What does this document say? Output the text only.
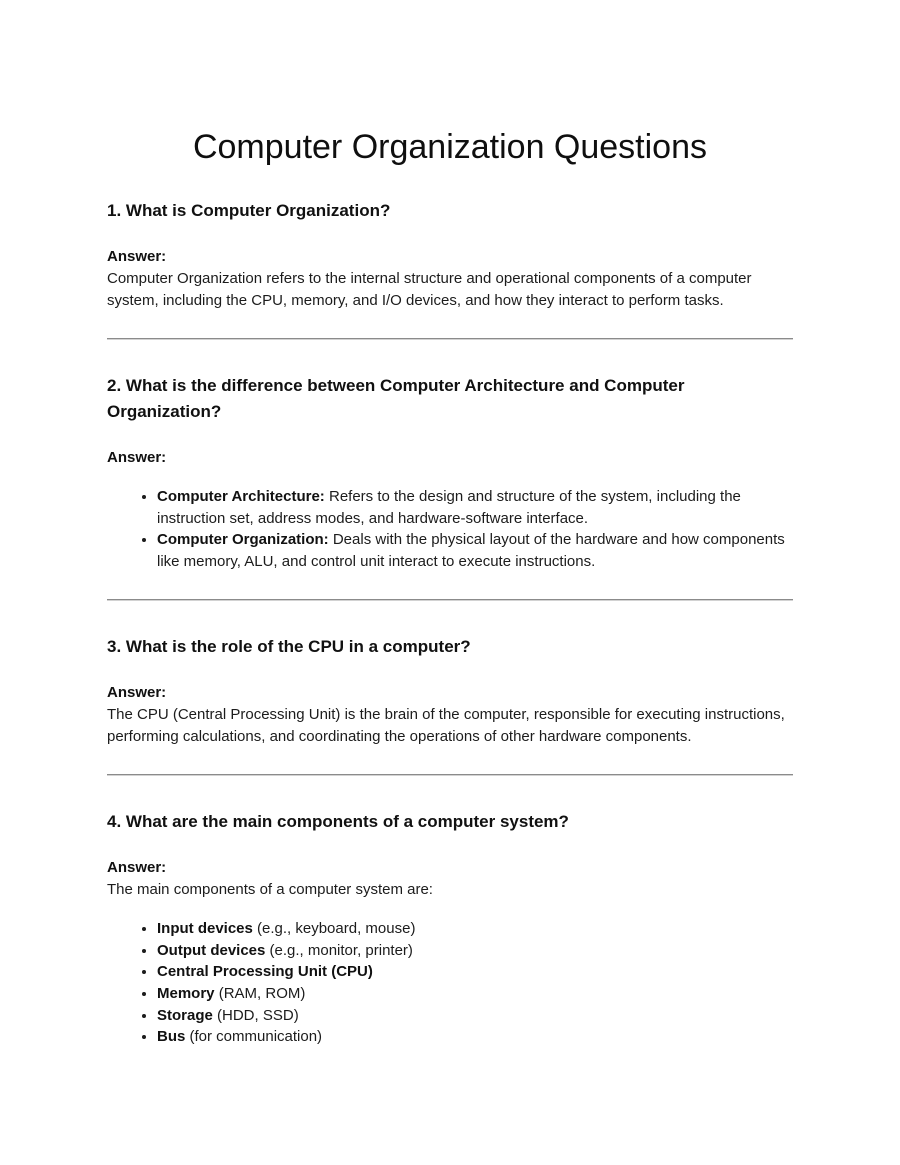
Computer Organization Questions
1. What is Computer Organization?
Answer:

Computer Organization refers to the internal structure and operational components of a computer system, including the CPU, memory, and I/O devices, and how they interact to perform tasks.

2. What is the difference between Computer Architecture and Computer Organization?
Answer:
• Computer Architecture: Refers to the design and structure of the system, including the instruction set, address modes, and hardware-software interface.
• Computer Organization: Deals with the physical layout of the hardware and how components like memory, ALU, and control unit interact to execute instructions.
3. What is the role of the CPU in a computer?
Answer:

The CPU (Central Processing Unit) is the brain of the computer, responsible for executing instructions, performing calculations, and coordinating the operations of other hardware components.

4. What are the main components of a computer system?
Answer:

The main components of a computer system are:

• Input devices (e.g., keyboard, mouse)
• Output devices (e.g., monitor, printer)
• Central Processing Unit (CPU)
• Memory (RAM, ROM)
• Storage (HDD, SSD)
• Bus (for communication)
